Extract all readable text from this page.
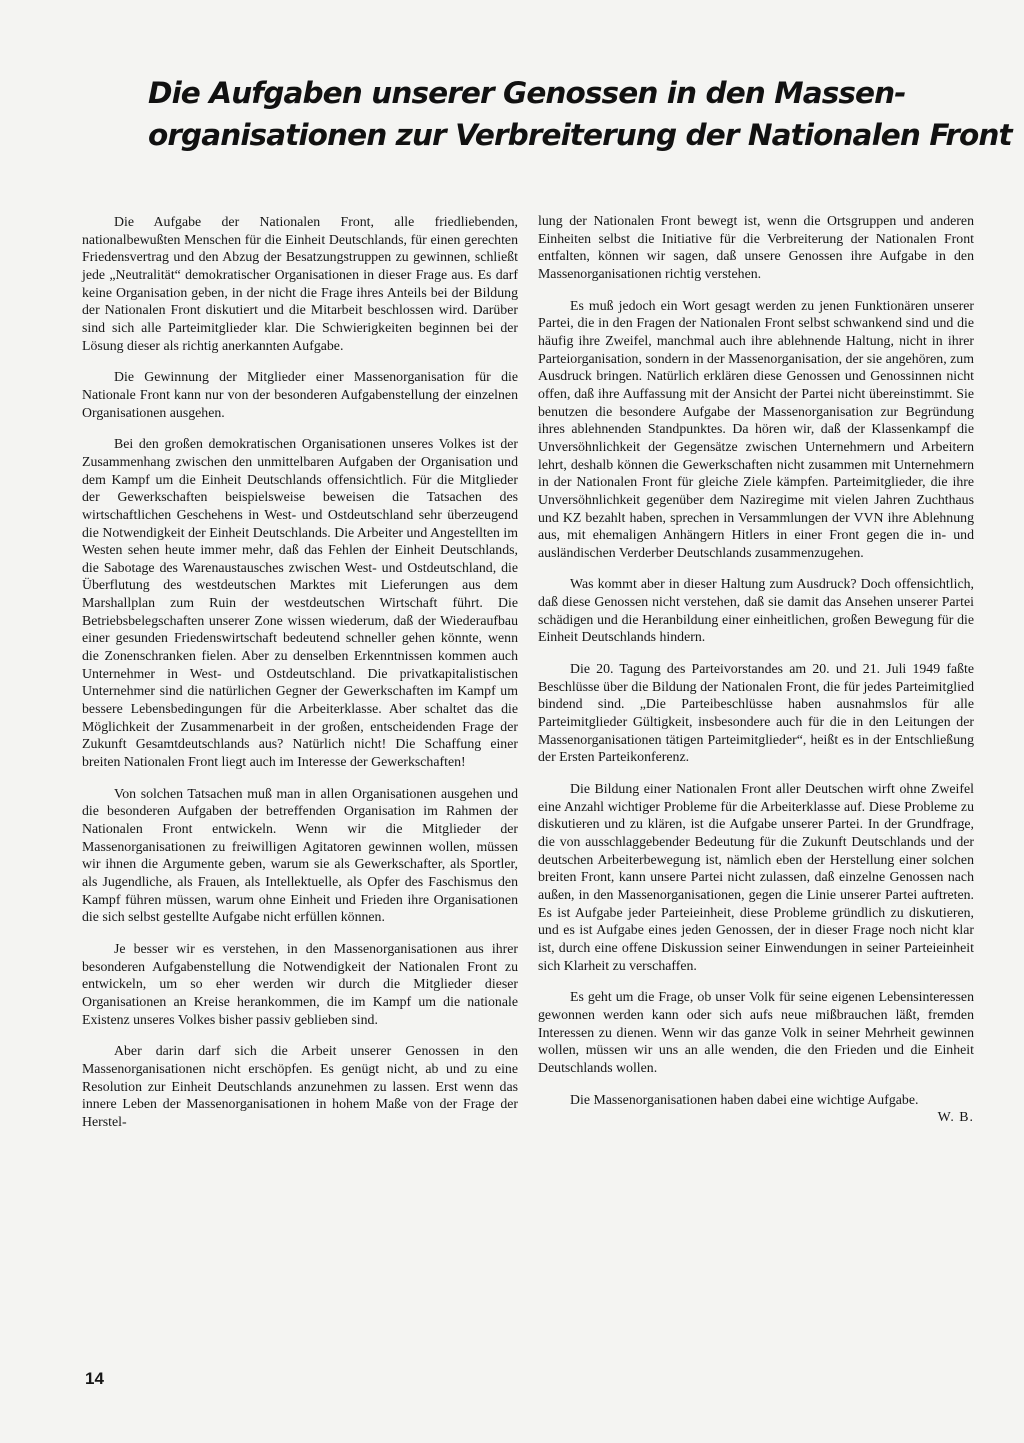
Die Aufgaben unserer Genossen in den Massen-
organisationen zur Verbreiterung der Nationalen Front

Die Aufgabe der Nationalen Front, alle friedliebenden, nationalbewußten Menschen für die Einheit Deutschlands, für einen gerechten Friedensvertrag und den Abzug der Besatzungstruppen zu gewinnen, schließt jede „Neutralität“ demokratischer Organisationen in dieser Frage aus. Es darf keine Organisation geben, in der nicht die Frage ihres Anteils bei der Bildung der Nationalen Front diskutiert und die Mitarbeit beschlossen wird. Darüber sind sich alle Parteimitglieder klar. Die Schwierigkeiten beginnen bei der Lösung dieser als richtig anerkannten Aufgabe.

Die Gewinnung der Mitglieder einer Massenorganisation für die Nationale Front kann nur von der besonderen Aufgabenstellung der einzelnen Organisationen ausgehen.

Bei den großen demokratischen Organisationen unseres Volkes ist der Zusammenhang zwischen den unmittelbaren Aufgaben der Organisation und dem Kampf um die Einheit Deutschlands offensichtlich. Für die Mitglieder der Gewerkschaften beispielsweise beweisen die Tatsachen des wirtschaftlichen Geschehens in West- und Ostdeutschland sehr überzeugend die Notwendigkeit der Einheit Deutschlands. Die Arbeiter und Angestellten im Westen sehen heute immer mehr, daß das Fehlen der Einheit Deutschlands, die Sabotage des Warenaustausches zwischen West- und Ostdeutschland, die Überflutung des westdeutschen Marktes mit Lieferungen aus dem Marshallplan zum Ruin der westdeutschen Wirtschaft führt. Die Betriebsbelegschaften unserer Zone wissen wiederum, daß der Wiederaufbau einer gesunden Friedenswirtschaft bedeutend schneller gehen könnte, wenn die Zonenschranken fielen. Aber zu denselben Erkenntnissen kommen auch Unternehmer in West- und Ostdeutschland. Die privatkapitalistischen Unternehmer sind die natürlichen Gegner der Gewerkschaften im Kampf um bessere Lebensbedingungen für die Arbeiterklasse. Aber schaltet das die Möglichkeit der Zusammenarbeit in der großen, entscheidenden Frage der Zukunft Gesamtdeutschlands aus? Natürlich nicht! Die Schaffung einer breiten Nationalen Front liegt auch im Interesse der Gewerkschaften!

Von solchen Tatsachen muß man in allen Organisationen ausgehen und die besonderen Aufgaben der betreffenden Organisation im Rahmen der Nationalen Front entwickeln. Wenn wir die Mitglieder der Massenorganisationen zu freiwilligen Agitatoren gewinnen wollen, müssen wir ihnen die Argumente geben, warum sie als Gewerkschafter, als Sportler, als Jugendliche, als Frauen, als Intellektuelle, als Opfer des Faschismus den Kampf führen müssen, warum ohne Einheit und Frieden ihre Organisationen die sich selbst gestellte Aufgabe nicht erfüllen können.

Je besser wir es verstehen, in den Massenorganisationen aus ihrer besonderen Aufgabenstellung die Notwendigkeit der Nationalen Front zu entwickeln, um so eher werden wir durch die Mitglieder dieser Organisationen an Kreise herankommen, die im Kampf um die nationale Existenz unseres Volkes bisher passiv geblieben sind.

Aber darin darf sich die Arbeit unserer Genossen in den Massenorganisationen nicht erschöpfen. Es genügt nicht, ab und zu eine Resolution zur Einheit Deutschlands anzunehmen zu lassen. Erst wenn das innere Leben der Massenorganisationen in hohem Maße von der Frage der Herstel-

lung der Nationalen Front bewegt ist, wenn die Ortsgruppen und anderen Einheiten selbst die Initiative für die Verbreiterung der Nationalen Front entfalten, können wir sagen, daß unsere Genossen ihre Aufgabe in den Massenorganisationen richtig verstehen.

Es muß jedoch ein Wort gesagt werden zu jenen Funktionären unserer Partei, die in den Fragen der Nationalen Front selbst schwankend sind und die häufig ihre Zweifel, manchmal auch ihre ablehnende Haltung, nicht in ihrer Parteiorganisation, sondern in der Massenorganisation, der sie angehören, zum Ausdruck bringen. Natürlich erklären diese Genossen und Genossinnen nicht offen, daß ihre Auffassung mit der Ansicht der Partei nicht übereinstimmt. Sie benutzen die besondere Aufgabe der Massenorganisation zur Begründung ihres ablehnenden Standpunktes. Da hören wir, daß der Klassenkampf die Unversöhnlichkeit der Gegensätze zwischen Unternehmern und Arbeitern lehrt, deshalb können die Gewerkschaften nicht zusammen mit Unternehmern in der Nationalen Front für gleiche Ziele kämpfen. Parteimitglieder, die ihre Unversöhnlichkeit gegenüber dem Naziregime mit vielen Jahren Zuchthaus und KZ bezahlt haben, sprechen in Versammlungen der VVN ihre Ablehnung aus, mit ehemaligen Anhängern Hitlers in einer Front gegen die in- und ausländischen Verderber Deutschlands zusammenzugehen.

Was kommt aber in dieser Haltung zum Ausdruck? Doch offensichtlich, daß diese Genossen nicht verstehen, daß sie damit das Ansehen unserer Partei schädigen und die Heranbildung einer einheitlichen, großen Bewegung für die Einheit Deutschlands hindern.

Die 20. Tagung des Parteivorstandes am 20. und 21. Juli 1949 faßte Beschlüsse über die Bildung der Nationalen Front, die für jedes Parteimitglied bindend sind. „Die Parteibeschlüsse haben ausnahmslos für alle Parteimitglieder Gültigkeit, insbesondere auch für die in den Leitungen der Massenorganisationen tätigen Parteimitglieder“, heißt es in der Entschließung der Ersten Parteikonferenz.

Die Bildung einer Nationalen Front aller Deutschen wirft ohne Zweifel eine Anzahl wichtiger Probleme für die Arbeiterklasse auf. Diese Probleme zu diskutieren und zu klären, ist die Aufgabe unserer Partei. In der Grundfrage, die von ausschlaggebender Bedeutung für die Zukunft Deutschlands und der deutschen Arbeiterbewegung ist, nämlich eben der Herstellung einer solchen breiten Front, kann unsere Partei nicht zulassen, daß einzelne Genossen nach außen, in den Massenorganisationen, gegen die Linie unserer Partei auftreten. Es ist Aufgabe jeder Parteieinheit, diese Probleme gründlich zu diskutieren, und es ist Aufgabe eines jeden Genossen, der in dieser Frage noch nicht klar ist, durch eine offene Diskussion seiner Einwendungen in seiner Parteieinheit sich Klarheit zu verschaffen.

Es geht um die Frage, ob unser Volk für seine eigenen Lebensinteressen gewonnen werden kann oder sich aufs neue mißbrauchen läßt, fremden Interessen zu dienen. Wenn wir das ganze Volk in seiner Mehrheit gewinnen wollen, müssen wir uns an alle wenden, die den Frieden und die Einheit Deutschlands wollen.

Die Massenorganisationen haben dabei eine wichtige Aufgabe.
W. B.

14
